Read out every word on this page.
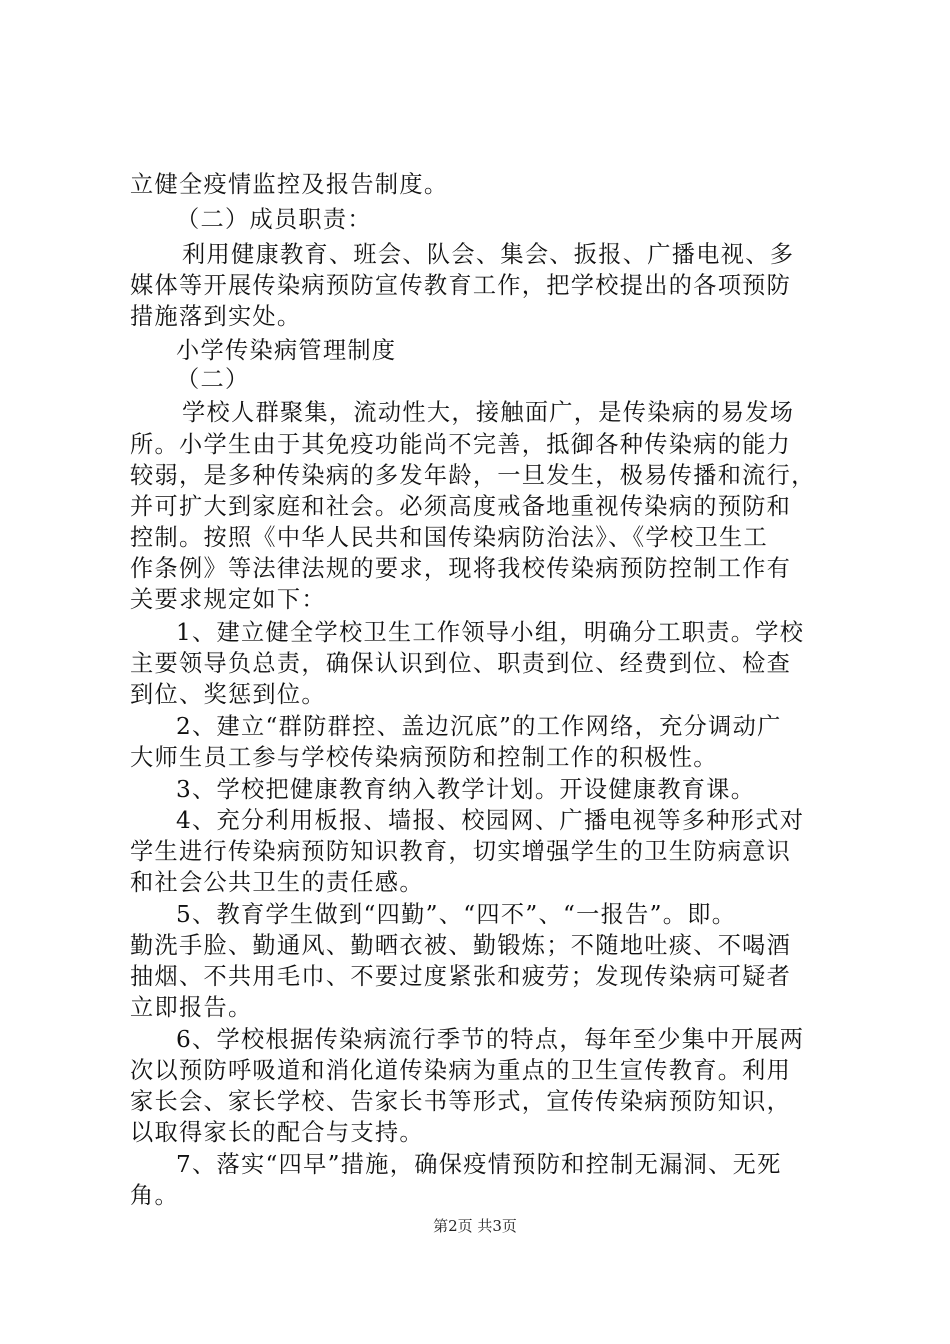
立健全疫情监控及报告制度。
（二）成员职责：
利用健康教育、班会、队会、集会、扳报、广播电视、多
媒体等开展传染病预防宣传教育工作，把学校提出的各项预防
措施落到实处。
小学传染病管理制度
（二）
学校人群聚集，流动性大，接触面广，是传染病的易发场
所。小学生由于其免疫功能尚不完善，抵御各种传染病的能力
较弱，是多种传染病的多发年龄，一旦发生，极易传播和流行，
并可扩大到家庭和社会。必须高度戒备地重视传染病的预防和
控制。按照《中华人民共和国传染病防治法》、《学校卫生工
作条例》等法律法规的要求，现将我校传染病预防控制工作有
关要求规定如下：
1、建立健全学校卫生工作领导小组，明确分工职责。学校
主要领导负总责，确保认识到位、职责到位、经费到位、检查
到位、奖惩到位。
2、建立“群防群控、盖边沉底”的工作网络，充分调动广
大师生员工参与学校传染病预防和控制工作的积极性。
3、学校把健康教育纳入教学计划。开设健康教育课。
4、充分利用板报、墙报、校园网、广播电视等多种形式对
学生进行传染病预防知识教育，切实增强学生的卫生防病意识
和社会公共卫生的责任感。
5、教育学生做到“四勤”、“四不”、“一报告”。即。
勤洗手脸、勤通风、勤晒衣被、勤锻炼；不随地吐痰、不喝酒
抽烟、不共用毛巾、不要过度紧张和疲劳；发现传染病可疑者
立即报告。
6、学校根据传染病流行季节的特点，每年至少集中开展两
次以预防呼吸道和消化道传染病为重点的卫生宣传教育。利用
家长会、家长学校、告家长书等形式，宣传传染病预防知识，
以取得家长的配合与支持。
7、落实“四早”措施，确保疫情预防和控制无漏洞、无死
角。
第2页 共3页
